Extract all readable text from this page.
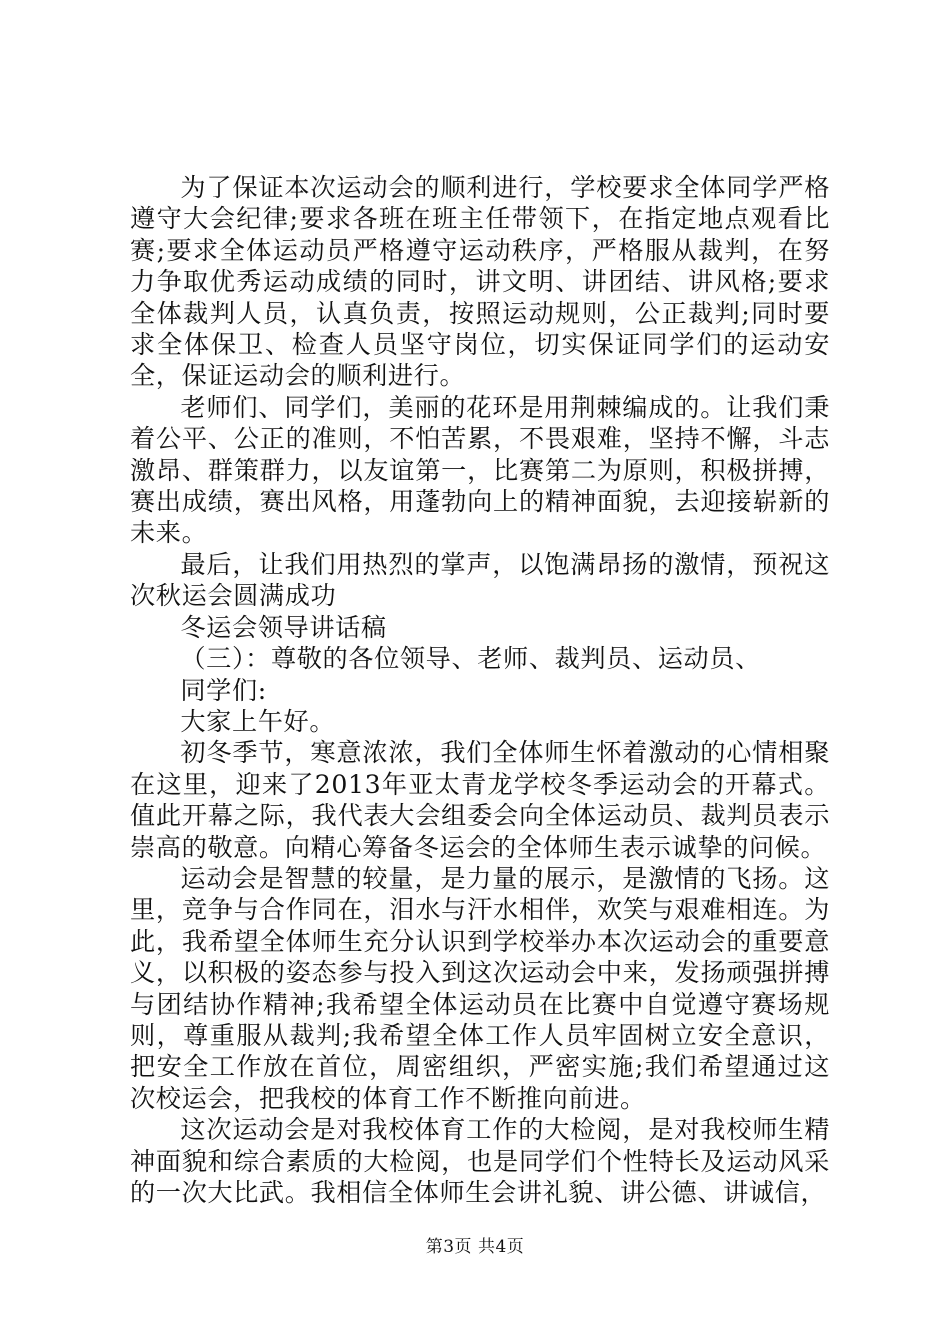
为了保证本次运动会的顺利进行，学校要求全体同学严格遵守大会纪律;要求各班在班主任带领下，在指定地点观看比赛;要求全体运动员严格遵守运动秩序，严格服从裁判，在努力争取优秀运动成绩的同时，讲文明、讲团结、讲风格;要求全体裁判人员，认真负责，按照运动规则，公正裁判;同时要求全体保卫、检查人员坚守岗位，切实保证同学们的运动安全，保证运动会的顺利进行。

老师们、同学们，美丽的花环是用荆棘编成的。让我们秉着公平、公正的准则，不怕苦累，不畏艰难，坚持不懈，斗志激昂、群策群力，以友谊第一，比赛第二为原则，积极拼搏，赛出成绩，赛出风格，用蓬勃向上的精神面貌，去迎接崭新的未来。

最后，让我们用热烈的掌声，以饱满昂扬的激情，预祝这次秋运会圆满成功

冬运会领导讲话稿

（三）：尊敬的各位领导、老师、裁判员、运动员、

同学们:

大家上午好。

初冬季节，寒意浓浓，我们全体师生怀着激动的心情相聚在这里，迎来了2013年亚太青龙学校冬季运动会的开幕式。值此开幕之际，我代表大会组委会向全体运动员、裁判员表示崇高的敬意。向精心筹备冬运会的全体师生表示诚挚的问候。

运动会是智慧的较量，是力量的展示，是激情的飞扬。这里，竞争与合作同在，泪水与汗水相伴，欢笑与艰难相连。为此，我希望全体师生充分认识到学校举办本次运动会的重要意义，以积极的姿态参与投入到这次运动会中来，发扬顽强拼搏与团结协作精神;我希望全体运动员在比赛中自觉遵守赛场规则，尊重服从裁判;我希望全体工作人员牢固树立安全意识，把安全工作放在首位，周密组织，严密实施;我们希望通过这次校运会，把我校的体育工作不断推向前进。

这次运动会是对我校体育工作的大检阅，是对我校师生精神面貌和综合素质的大检阅，也是同学们个性特长及运动风采的一次大比武。我相信全体师生会讲礼貌、讲公德、讲诚信，

第3页 共4页
